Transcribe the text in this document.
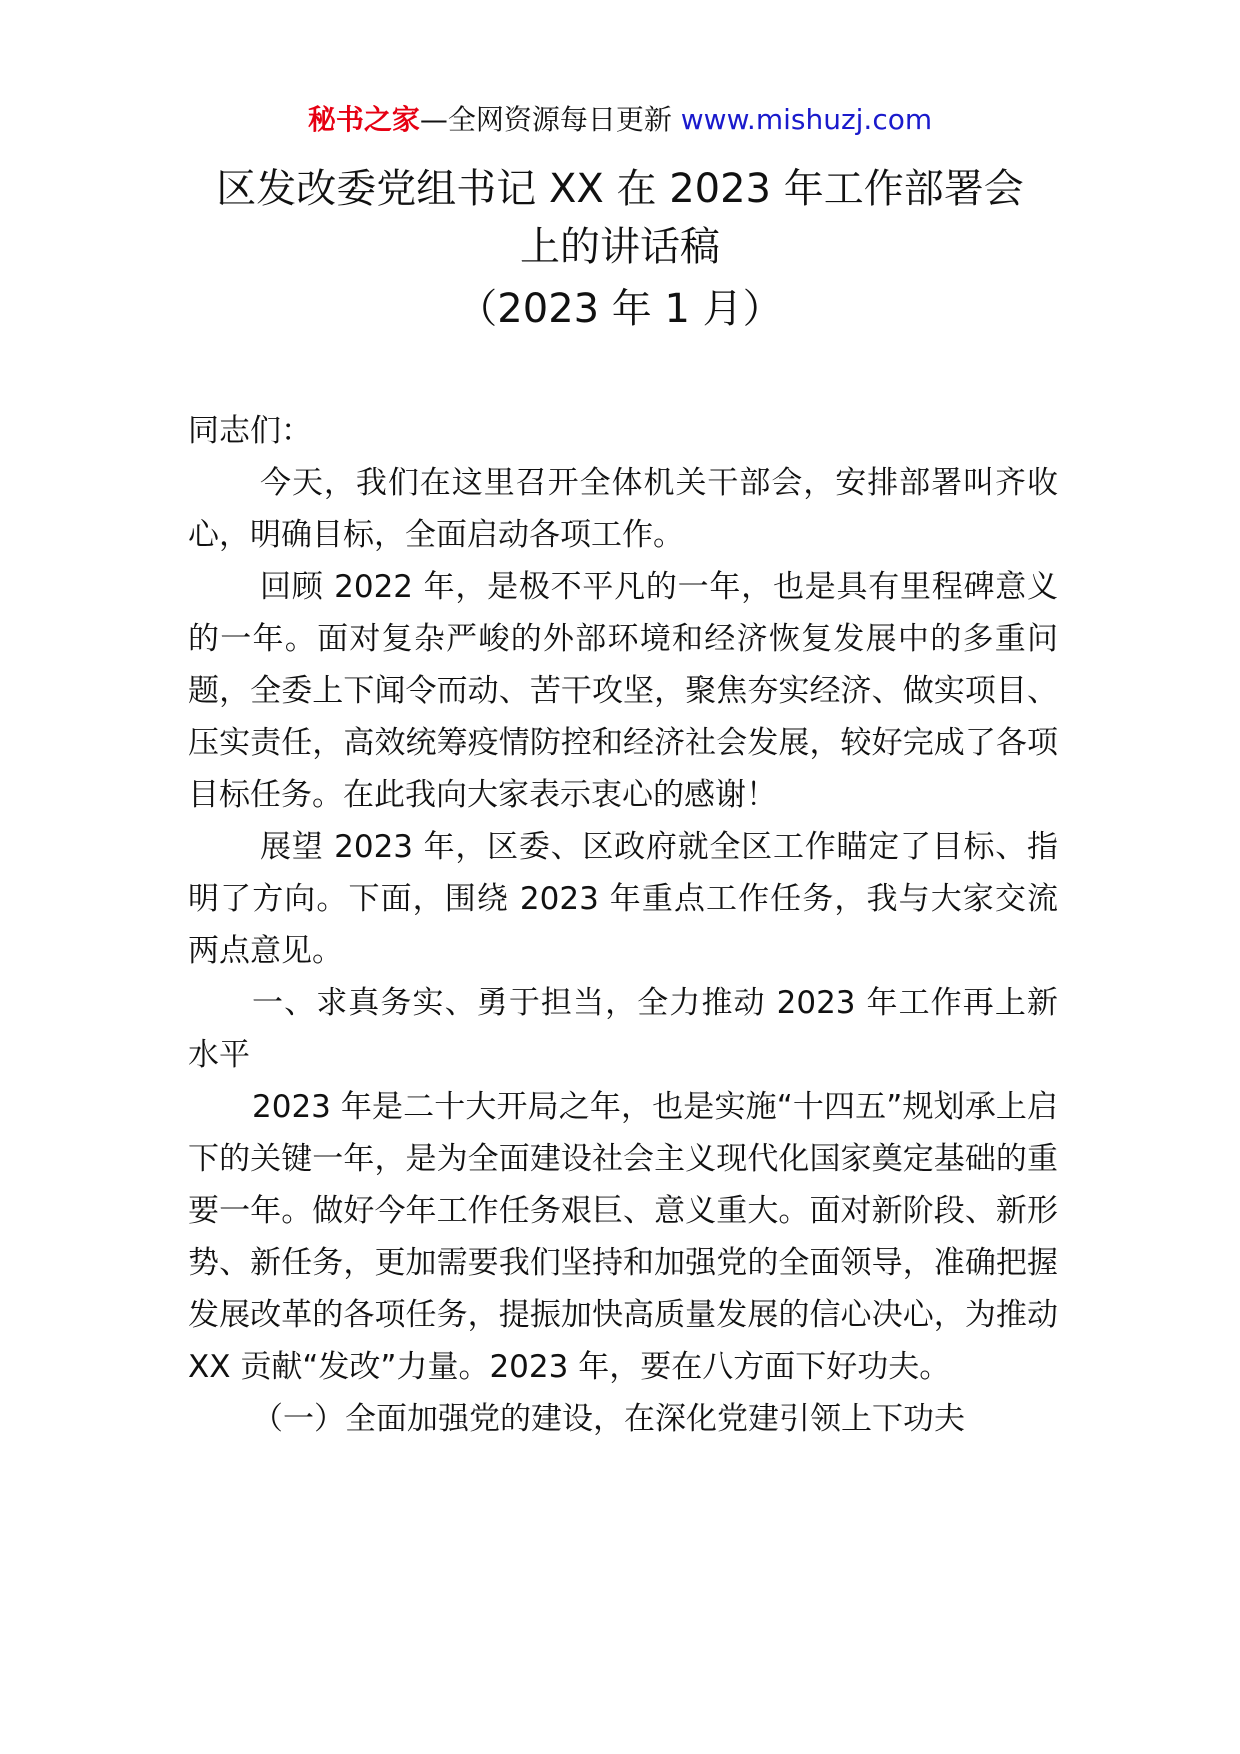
秘书之家—全网资源每日更新 www.mishuzj.com
区发改委党组书记 XX 在 2023 年工作部署会
上的讲话稿
（2023 年 1 月）

同志们：

今天，我们在这里召开全体机关干部会，安排部署叫齐收心，明确目标，全面启动各项工作。

回顾 2022 年，是极不平凡的一年，也是具有里程碑意义的一年。面对复杂严峻的外部环境和经济恢复发展中的多重问题，全委上下闻令而动、苦干攻坚，聚焦夯实经济、做实项目、压实责任，高效统筹疫情防控和经济社会发展，较好完成了各项目标任务。在此我向大家表示衷心的感谢！

展望 2023 年，区委、区政府就全区工作瞄定了目标、指明了方向。下面，围绕 2023 年重点工作任务，我与大家交流两点意见。

一、求真务实、勇于担当，全力推动 2023 年工作再上新水平

2023 年是二十大开局之年，也是实施“十四五”规划承上启下的关键一年，是为全面建设社会主义现代化国家奠定基础的重要一年。做好今年工作任务艰巨、意义重大。面对新阶段、新形势、新任务，更加需要我们坚持和加强党的全面领导，准确把握发展改革的各项任务，提振加快高质量发展的信心决心，为推动 XX 贡献“发改”力量。2023 年，要在八方面下好功夫。

（一）全面加强党的建设，在深化党建引领上下功夫
